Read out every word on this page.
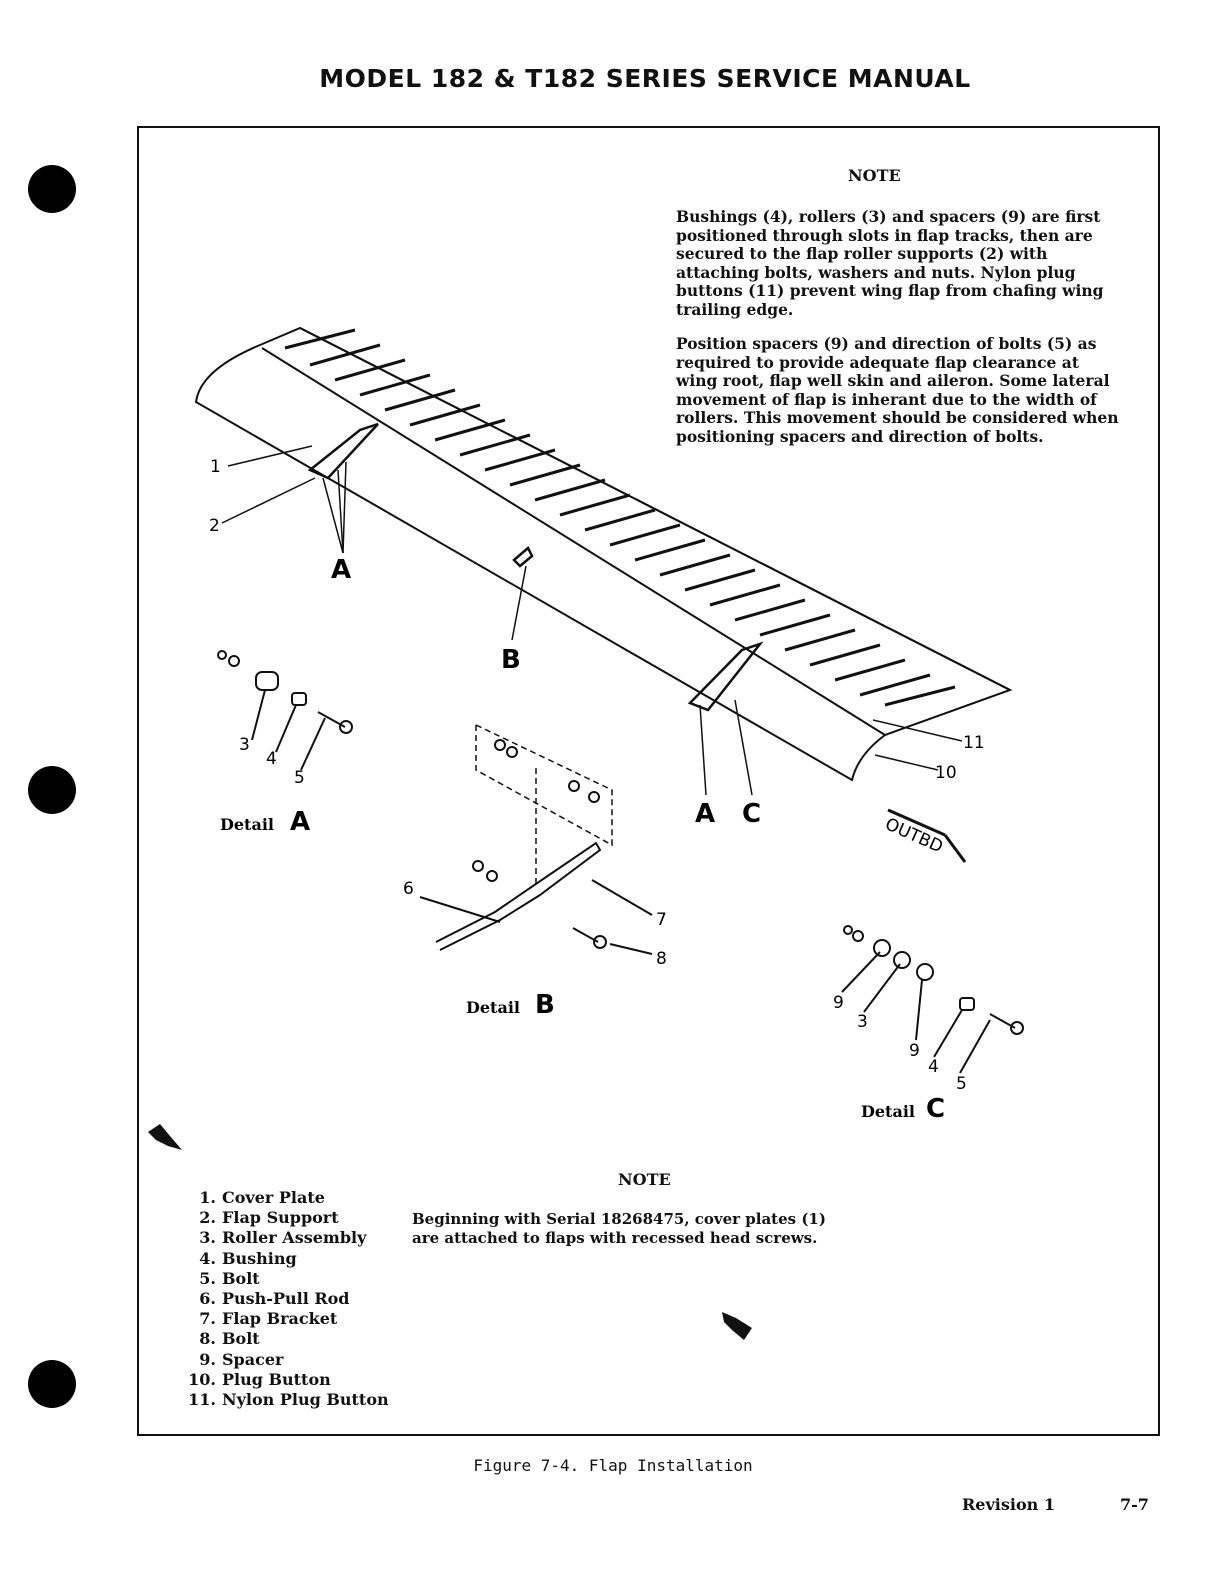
MODEL 182 & T182 SERIES SERVICE MANUAL
NOTE

Bushings (4), rollers (3) and spacers (9) are first positioned through slots in flap tracks, then are secured to the flap roller supports (2) with attaching bolts, washers and nuts. Nylon plug buttons (11) prevent wing flap from chafing wing trailing edge.

Position spacers (9) and direction of bolts (5) as required to provide adequate flap clearance at wing root, flap well skin and aileron. Some lateral movement of flap is inherant due to the width of rollers. This movement should be considered when positioning spacers and direction of bolts.

1
2
A
B
3
4
5
A C
11
10
OUTBD
6
7
8
9
3
9
4
5
Detail A
Detail B
Detail C
NOTE
Beginning with Serial 18268475, cover plates (1)
are attached to flaps with recessed head screws.
1. Cover Plate
2. Flap Support
3. Roller Assembly
4. Bushing
5. Bolt
6. Push-Pull Rod
7. Flap Bracket
8. Bolt
9. Spacer
10. Plug Button
11. Nylon Plug Button
Figure 7-4. Flap Installation
Revision 1	7-7
